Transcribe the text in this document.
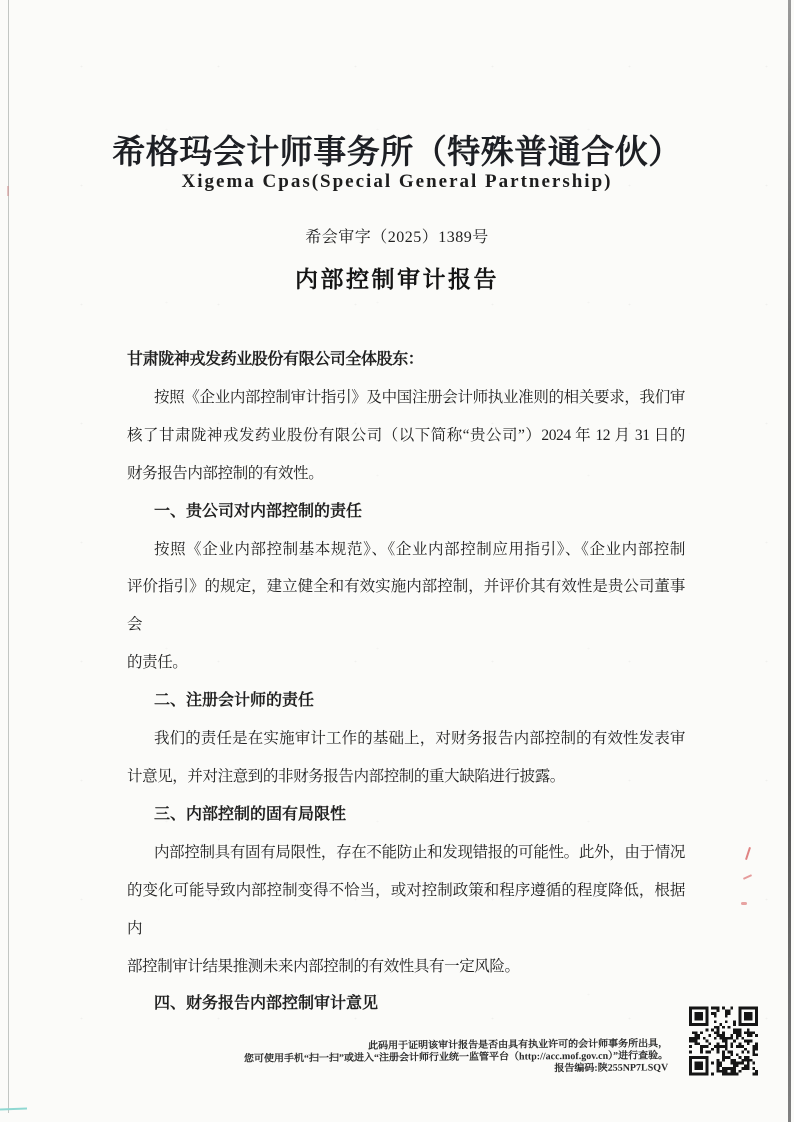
希格玛会计师事务所（特殊普通合伙）
Xigema Cpas(Special General Partnership)
希会审字（2025）1389号
内部控制审计报告
甘肃陇神戎发药业股份有限公司全体股东：
按照《企业内部控制审计指引》及中国注册会计师执业准则的相关要求，我们审
核了甘肃陇神戎发药业股份有限公司（以下简称“贵公司”）2024 年 12 月 31 日的
财务报告内部控制的有效性。
一、贵公司对内部控制的责任
按照《企业内部控制基本规范》、《企业内部控制应用指引》、《企业内部控制
评价指引》的规定，建立健全和有效实施内部控制，并评价其有效性是贵公司董事会
的责任。
二、注册会计师的责任
我们的责任是在实施审计工作的基础上，对财务报告内部控制的有效性发表审
计意见，并对注意到的非财务报告内部控制的重大缺陷进行披露。
三、内部控制的固有局限性
内部控制具有固有局限性，存在不能防止和发现错报的可能性。此外，由于情况
的变化可能导致内部控制变得不恰当，或对控制政策和程序遵循的程度降低，根据内
部控制审计结果推测未来内部控制的有效性具有一定风险。
四、财务报告内部控制审计意见
此码用于证明该审计报告是否由具有执业许可的会计师事务所出具，
您可使用手机“扫一扫”或进入“注册会计师行业统一监管平台（http://acc.mof.gov.cn）”进行查验。
报告编码:陕255NP7LSQV
